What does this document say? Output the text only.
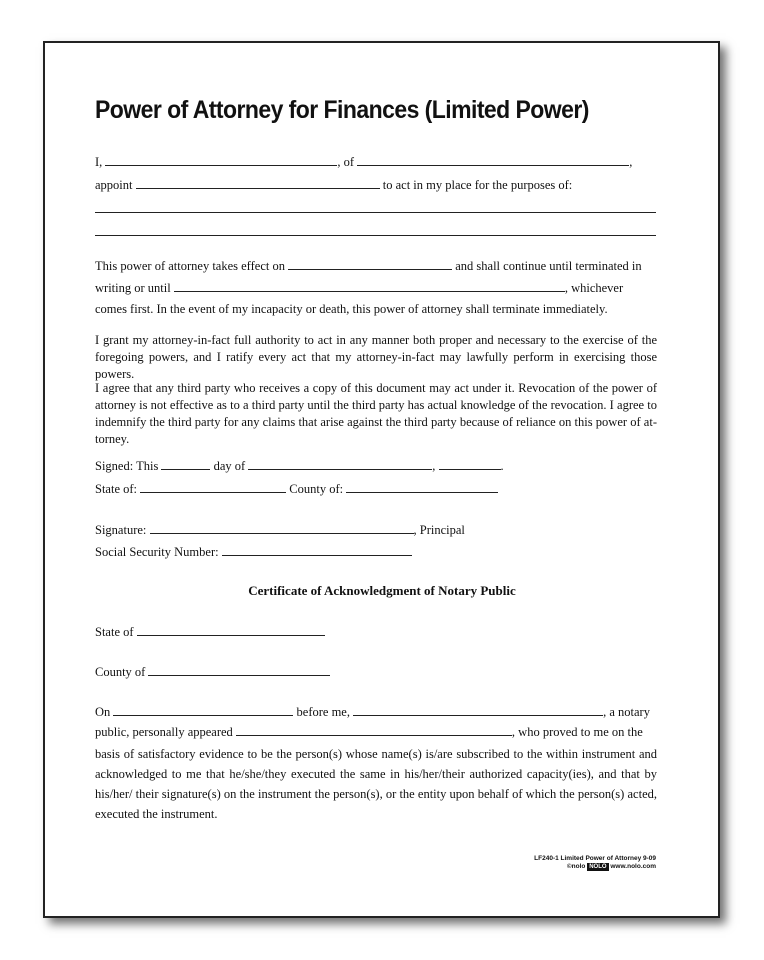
Power of Attorney for Finances (Limited Power)
I,	, of	,
appoint	to act in my place for the purposes of:
This power of attorney takes effect on	and shall continue until terminated in
writing or until	, whichever
comes first. In the event of my incapacity or death, this power of attorney shall terminate immediately.
I grant my attorney-in-fact full authority to act in any manner both proper and necessary to the exercise of the foregoing powers, and I ratify every act that my attorney-in-fact may lawfully perform in exercising those powers.
I agree that any third party who receives a copy of this document may act under it. Revocation of the power of attorney is not effective as to a third party until the third party has actual knowledge of the revocation. I agree to indemnify the third party for any claims that arise against the third party because of reliance on this power of attorney.
Signed: This	day of	,	.
State of:	County of:
Signature:	, Principal
Social Security Number:
Certificate of Acknowledgment of Notary Public
State of
County of
On	before me,	, a notary
public, personally appeared	, who proved to me on the
basis of satisfactory evidence to be the person(s) whose name(s) is/are subscribed to the within instrument and acknowledged to me that he/she/they executed the same in his/her/their authorized capacity(ies), and that by his/her/ their signature(s) on the instrument the person(s), or the entity upon behalf of which the person(s) acted, executed the instrument.
LF240-1 Limited Power of Attorney 9-09
©nolo NOLO www.nolo.com
